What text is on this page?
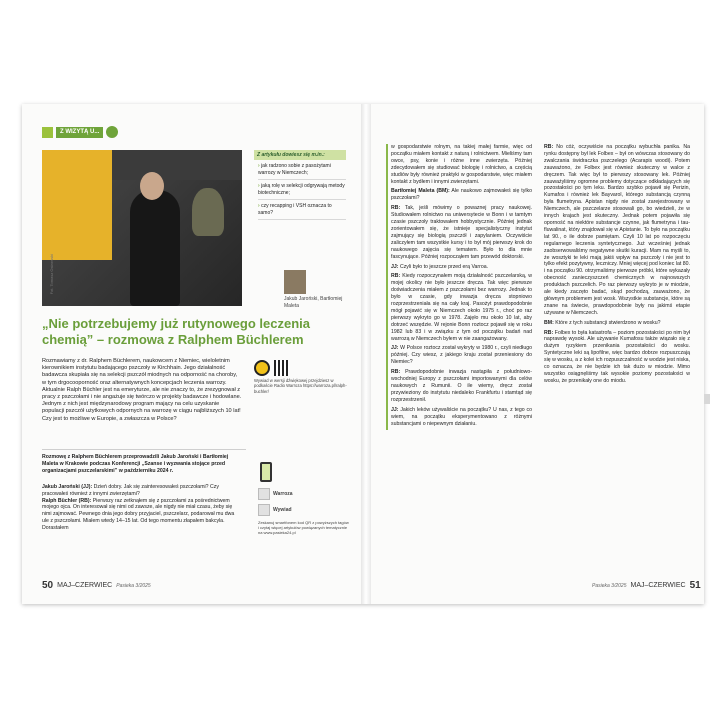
Z WIZYTĄ U...
Fot. Tomasz Ostrowski
Z artykułu dowiesz się m.in.:
› jak radzono sobie z pasożytami warrozy w Niemczech;
› jaką rolę w selekcji odgrywają metody biotechniczne;
› czy recapping i VSH oznacza to samo?
Jakub Jaroński, Bartłomiej Maleta
„Nie potrzebujemy już rutynowego leczenia chemią” – rozmowa z Ralphem Büchlerem
Rozmawiamy z dr. Ralphem Büchlerem, naukowcem z Niemiec, wieloletnim kierownikiem instytutu badającego pszczoły w Kirchhain. Jego działalność badawcza skupiała się na selekcji pszczół miodnych na odporność na choroby, w tym drgocooporność oraz alternatywnych koncepcjach leczenia warrozy. Aktualnie Ralph Büchler jest na emeryturze, ale nie znaczy to, że zrezygnował z pracy z pszczołami i nie angażuje się twórczo w projekty badawcze i hodowlane. Jednym z nich jest międzynarodowy program mający na celu uzyskanie populacji pszczół użytkowych odpornych na warrozę w ciągu najbliższych 10 lat! Czy jest to możliwe w Europie, a zwłaszcza w Polsce?
Wywiad w wersji dźwiękowej przejdziesz w podkaście Radio Warroza https://warroza.pl/ralph-buchler/
Rozmowę z Ralphem Büchlerem przeprowadzili Jakub Jaroński i Bartłomiej Maleta w Krakowie podczas Konferencji „Szanse i wyzwania stojące przed organizacjami pszczelarskimi” w październiku 2024 r.

Jakub Jaroński (JJ): Dzień dobry. Jak się zainteresowałeś pszczołami? Czy pracowałeś również z innymi zwierzętami?

Ralph Büchler (RB): Pierwszy raz zetknąłem się z pszczołami za pośrednictwem mojego ojca. On interesował się nimi od zawsze, ale nigdy nie miał czasu, żeby się nimi zajmować. Pewnego dnia jego dobry przyjaciel, pszczelarz, podarował mu dwa ule z pszczołami. Miałem wtedy 14–15 lat. Od tego momentu złapałem bakcyla. Dorastałem

Warroza
Wywiad
Zeskanuj smartfonem kod QR z powyższych tagów i czytaj więcej artykułów powiązanych tematycznie na www.pasieka24.pl
50 MAJ–CZERWIEC Pasieka 3/2025

w gospodarstwie rolnym, na takiej małej farmie, więc od początku miałem kontakt z naturą i rolnictwem. Mieliśmy tam owce, psy, konie i różne inne zwierzęta. Później zdecydowałem się studiować biologię i rolnictwo, a częścią studiów były również praktyki w gospodarstwie, więc miałem kontakt z bydłem i innymi zwierzętami.

Bartłomiej Maleta (BM): Ale naukowo zajmowałeś się tylko pszczołami?

RB: Tak, jeśli mówimy o powaznej pracy naukowej. Studiowałem rolnictwo na uniwersytecie w Bonn i w tamtym czasie pszczoły traktowałem hobbystycznie. Później jednak zorientowałem się, że istnieje specjalistyczny instytut zajmujący się biologią pszczół i zapylaniem. Oczywiście zaliczyłem tam wszystkie kursy i to był mój pierwszy krok do naukowego zajęcia się tematem. Było to dla mnie fascynujące. Później rozpocząłem tam przewód doktorski.

JJ: Czyli było to jeszcze przed erą Varroa.

RB: Kiedy rozpoczynałem moją działalność pszczelarską, w mojej okolicy nie było jeszcze dręcza. Tak więc pierwsze doświadczenia miałem z pszczołami bez warrozy. Jednak to było w czasie, gdy inwazja dręcza stopniowo rozprzestrzeniała się na cały kraj. Pasożyt prawdopodobnie mógł pojawić się w Niemczech około 1975 r., choć po raz pierwszy wykryto go w 1978. Zajęło mu około 10 lat, aby dotrzeć wszędzie. W rejonie Bonn roztocz pojawił się w roku 1982 lub 83 i w związku z tym od początku badań nad warrozą w Niemczech byłem w nie zaangażowany.

JJ: W Polsce roztocz został wykryty w 1980 r., czyli niedługo później. Czy wiesz, z jakiego kraju został przeniesiony do Niemiec?

RB: Prawdopodobnie inwazja nastąpiła z południowo-wschodniej Europy z pszczołami importowanymi dla celów naukowych z Rumunii. O ile wiemy, dręcz został przywieziony do instytutu niedaleko Frankfurtu i stamtąd się rozprzestrzenił.

JJ: Jakich leków używaliście na początku? U nas, z tego co wiem, na początku eksperymentowano z różnymi substancjami o niepewnym działaniu.

RB: No cóż, oczywiście na początku wybuchła panika. Na rynku dostępny był lek Folbex – był on wówczas stosowany do zwalczania świdraczka pszczelego (Acarapis woodi). Potem zauważono, że Folbex jest również skuteczny w walce z dręczem. Tak więc był to pierwszy stosowany lek. Później zauważyliśmy ogromne problemy dotyczące odkładających się pozostałości po tym leku. Bardzo szybko pojawił się Perizin, Kumafos i również lek Bayvarol, którego substancją czynną była flumetryna. Apistan nigdy nie został zarejestrowany w Niemczech, ale pszczelarze stosowali go, bo wiedzieli, że w innych krajach jest skuteczny. Jednak potem pojawiła się oporność na niektóre substancje czynne, jak flumetryna i tau-fluwalinat, który znajdował się w Apistanie. To było na początku lat 90., o ile dobrze pamiętam. Czyli 10 lat po rozpoczęciu regularnego leczenia syntetycznego. Już wcześniej jednak zaobserwowaliśmy negatywne skutki kuracji. Mam na myśli to, że wosztyki te leki mają jakiś wpływ na pszczoły i nie jest to tylko efekt pozytywny, leczniczy. Mniej więcej pod koniec lat 80. i na początku 90. otrzymaliśmy pierwsze próbki, które wykazały obecność zanieczyszczeń chemicznych w najnowszych produktach pszczelich. Po raz pierwszy wykryto je w miodzie, ale kiedy zaczęto badać, skąd pochodzą, zauważono, że głównym problemem jest wosk. Wszystkie substancje, które są znane na świecie, prawdopodobnie były na jakimś etapie używane w Niemczech.

BM: Które z tych substancji stwierdzono w wosku?

RB: Folbex to była katastrofa – poziom pozostałości po nim był naprawdę wysoki. Ale używanie Kumafosu także wiązało się z dużym ryzykiem przenikania pozostałości do wosku. Syntetyczne leki są lipofilne, więc bardzo dobrze rozpuszczają się w wosku, a z kolei ich rozpuszczalność w wodzie jest niska, co oznacza, że nie będzie ich tak dużo w miodzie. Mimo wszystko osiągnęliśmy tak wysokie poziomy pozostałości w wosku, że przenikały one do miodu.

Pasieka 3/2025 MAJ–CZERWIEC 51
